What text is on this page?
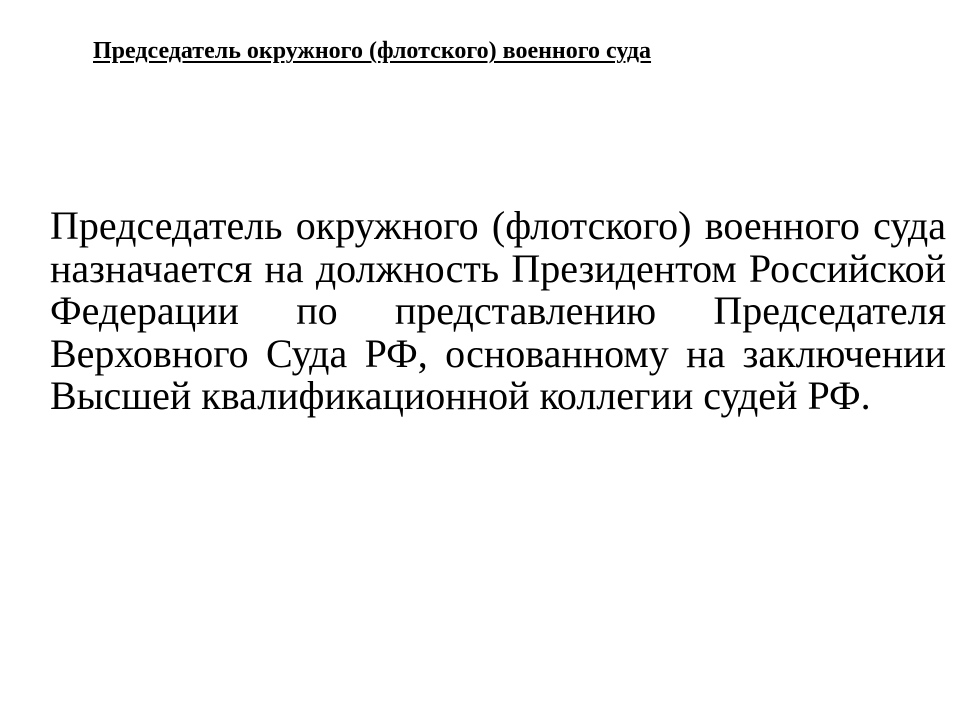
Председатель окружного (флотского) военного суда

Председатель окружного (флотского) военного суда назначается на должность Президентом Российской Федерации по представлению Председателя Верховного Суда РФ, основанному на заключении Высшей квалификационной коллегии судей РФ.
